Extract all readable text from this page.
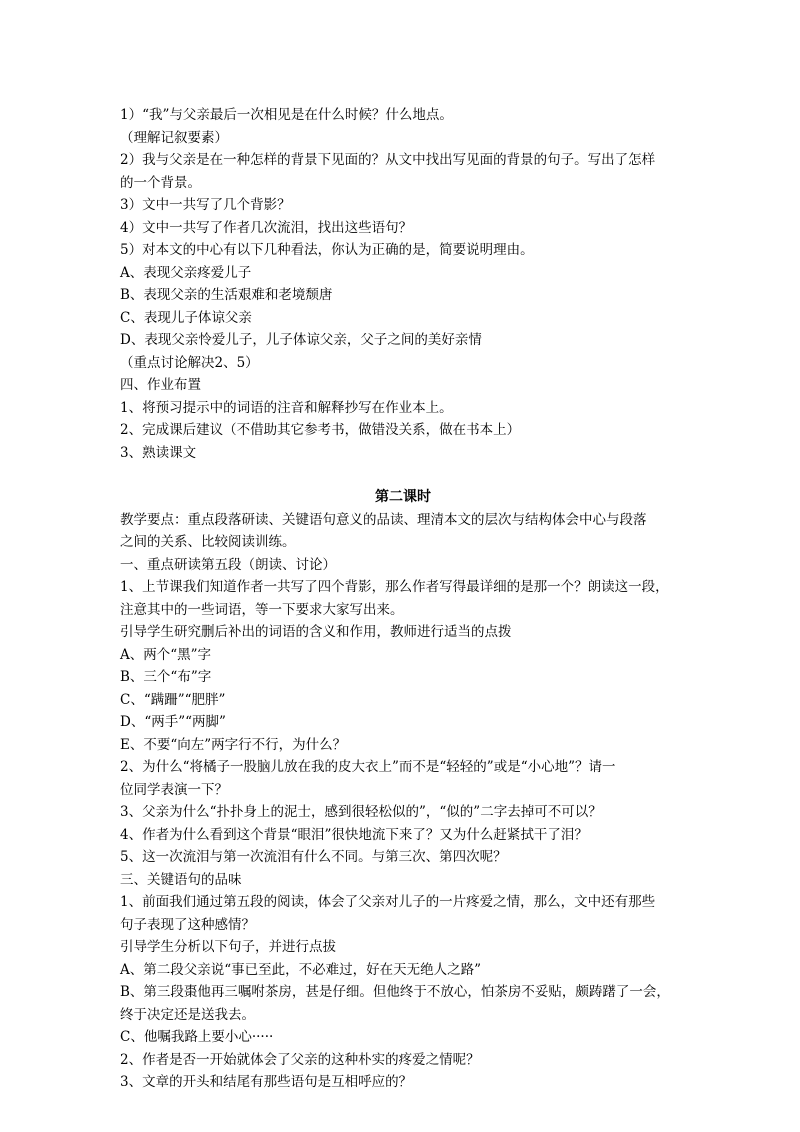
1）“我”与父亲最后一次相见是在什么时候？什么地点。
（理解记叙要素）
2）我与父亲是在一种怎样的背景下见面的？从文中找出写见面的背景的句子。写出了怎样
的一个背景。
3）文中一共写了几个背影？
4）文中一共写了作者几次流泪，找出这些语句？
5）对本文的中心有以下几种看法，你认为正确的是，简要说明理由。
A、表现父亲疼爱儿子
B、表现父亲的生活艰难和老境颓唐
C、表现儿子体谅父亲
D、表现父亲怜爱儿子，儿子体谅父亲，父子之间的美好亲情
（重点讨论解决2、5）
四、作业布置
1、将预习提示中的词语的注音和解释抄写在作业本上。
2、完成课后建议（不借助其它参考书，做错没关系，做在书本上）
3、熟读课文
第二课时
教学要点：重点段落研读、关键语句意义的品读、理清本文的层次与结构体会中心与段落
之间的关系、比较阅读训练。
一、重点研读第五段（朗读、讨论）
1、上节课我们知道作者一共写了四个背影，那么作者写得最详细的是那一个？朗读这一段，
注意其中的一些词语，等一下要求大家写出来。
引导学生研究删后补出的词语的含义和作用，教师进行适当的点拨
A、两个“黑”字
B、三个“布”字
C、“蹒跚”“肥胖”
D、“两手”“两脚”
E、不要“向左”两字行不行，为什么？
2、为什么“将橘子一股脑儿放在我的皮大衣上”而不是“轻轻的”或是“小心地”？请一
位同学表演一下？
3、父亲为什么“扑扑身上的泥士，感到很轻松似的”，“似的”二字去掉可不可以？
4、作者为什么看到这个背景“眼泪”很快地流下来了？又为什么赶紧拭干了泪？
5、这一次流泪与第一次流泪有什么不同。与第三次、第四次呢？
三、关键语句的品味
1、前面我们通过第五段的阅读，体会了父亲对儿子的一片疼爱之情，那么，文中还有那些
句子表现了这种感情？
引导学生分析以下句子，并进行点拔
A、第二段父亲说“事已至此，不必难过，好在天无绝人之路”
B、第三段棗他再三嘱咐茶房，甚是仔细。但他终于不放心，怕茶房不妥贴，颇踌躇了一会，
终于决定还是送我去。
C、他嘱我路上要小心·····
2、作者是否一开始就体会了父亲的这种朴实的疼爱之情呢？
3、文章的开头和结尾有那些语句是互相呼应的？
